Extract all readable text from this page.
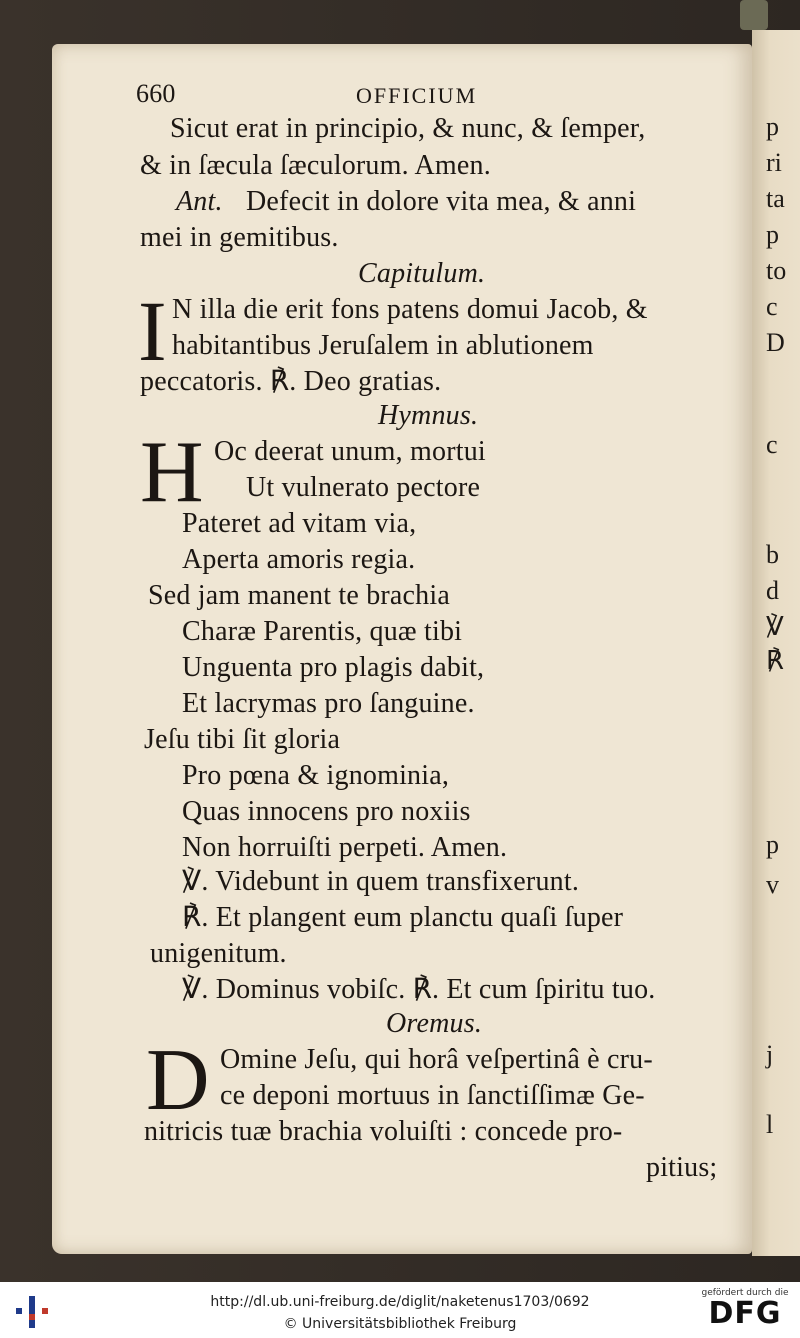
p
ri
ta
p
to
c
D
c
b
d
℣
℟
p
v
j
l
660	OFFICIUM
Sicut erat in principio, & nunc, & ſemper,
& in ſæcula ſæculorum. Amen.
Ant. Defecit in dolore vita mea, & anni
mei in gemitibus.
Capitulum.
I N illa die erit fons patens domui Jacob, &
habitantibus Jeruſalem in ablutionem
peccatoris. ℟. Deo gratias.
Hymnus.
H Oc deerat unum, mortui
Ut vulnerato pectore
Pateret ad vitam via,
Aperta amoris regia.
Sed jam manent te brachia
Charæ Parentis, quæ tibi
Unguenta pro plagis dabit,
Et lacrymas pro ſanguine.
Jeſu tibi ſit gloria
Pro pœna & ignominia,
Quas innocens pro noxiis
Non horruiſti perpeti. Amen.
℣. Videbunt in quem transfixerunt.
℟. Et plangent eum planctu quaſi ſuper
unigenitum.
℣. Dominus vobiſc. ℟. Et cum ſpiritu tuo.
Oremus.
D Omine Jeſu, qui horâ veſpertinâ è cru-
ce deponi mortuus in ſanctiſſimæ Ge-
nitricis tuæ brachia voluiſti : concede pro-
pitius;
http://dl.ub.uni-freiburg.de/diglit/naketenus1703/0692
© Universitätsbibliothek Freiburg
gefördert durch die
DFG
